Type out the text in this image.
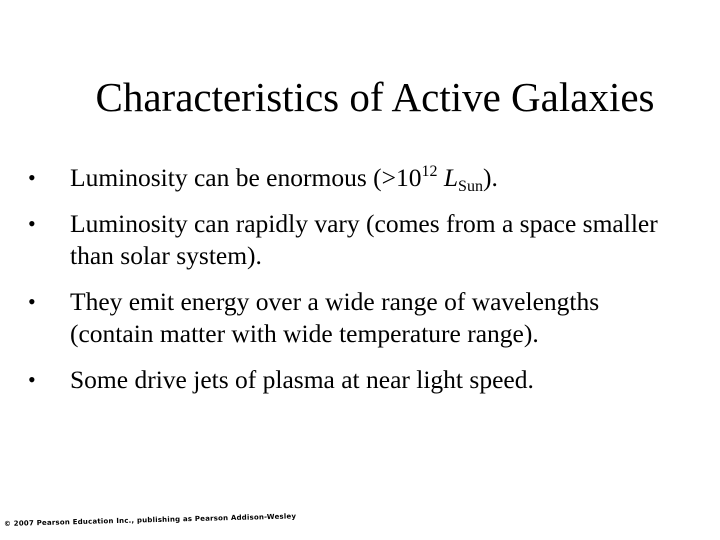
Characteristics of Active Galaxies
•	Luminosity can be enormous ($>10^{12}$ $L_{Sun}$).
•	Luminosity can rapidly vary (comes from a space smaller than solar system).
•	They emit energy over a wide range of wavelengths (contain matter with wide temperature range).
•	Some drive jets of plasma at near light speed.
© 2007 Pearson Education Inc., publishing as Pearson Addison-Wesley
